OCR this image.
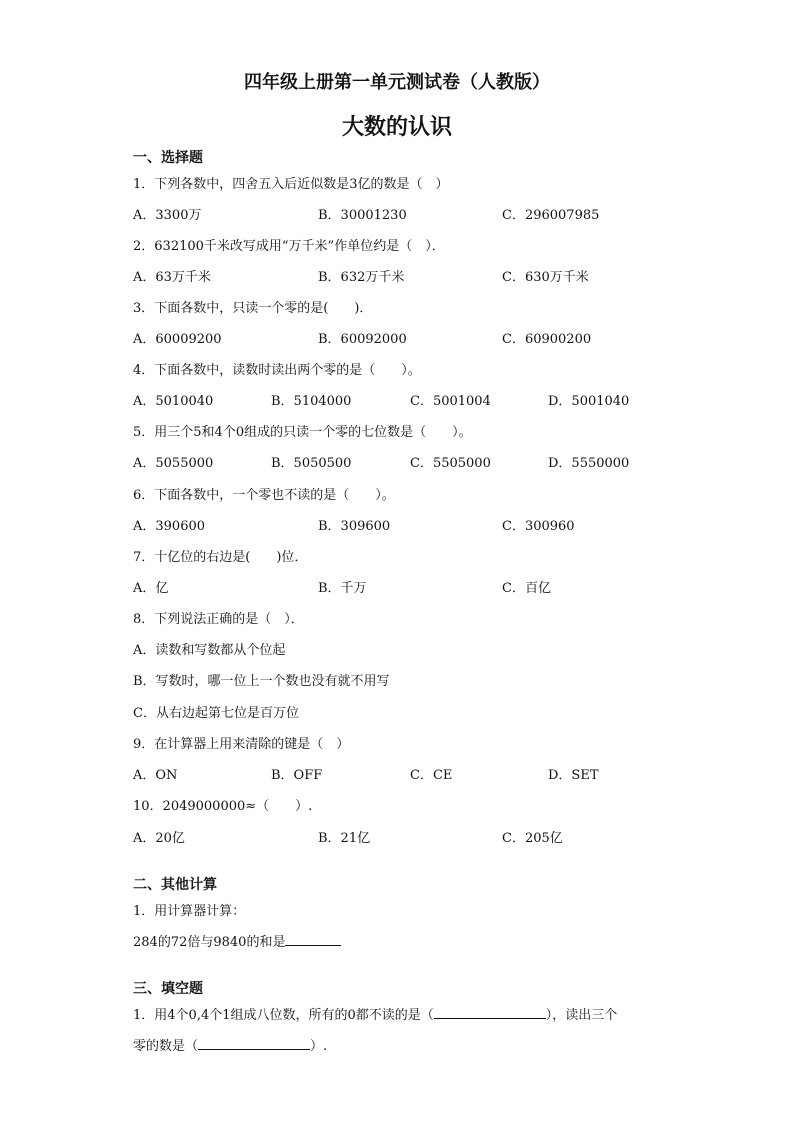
四年级上册第一单元测试卷（人教版）
大数的认识
一、选择题
1．下列各数中，四舍五入后近似数是3亿的数是（　）
A．3300万	B．30001230	C．296007985
2．632100千米改写成用“万千米”作单位约是（　）．
A．63万千米	B．632万千米	C．630万千米
3．下面各数中，只读一个零的是(　　)．
A．60009200	B．60092000	C．60900200
4．下面各数中，读数时读出两个零的是（　　）。
A．5010040	B．5104000	C．5001004	D．5001040
5．用三个5和4个0组成的只读一个零的七位数是（　　）。
A．5055000	B．5050500	C．5505000	D．5550000
6．下面各数中，一个零也不读的是（　　）。
A．390600	B．309600	C．300960
7．十亿位的右边是(　　)位．
A．亿	B．千万	C．百亿
8．下列说法正确的是（　）．
A．读数和写数都从个位起
B．写数时，哪一位上一个数也没有就不用写
C．从右边起第七位是百万位
9．在计算器上用来清除的键是（　）
A．ON	B．OFF	C．CE	D．SET
10．2049000000≈（　　）.
A．20亿	B．21亿	C．205亿
二、其他计算
1．用计算器计算：
284的72倍与9840的和是
三、填空题
1．用4个0,4个1组成八位数，所有的0都不读的是（	），读出三个
零的数是（	）.
